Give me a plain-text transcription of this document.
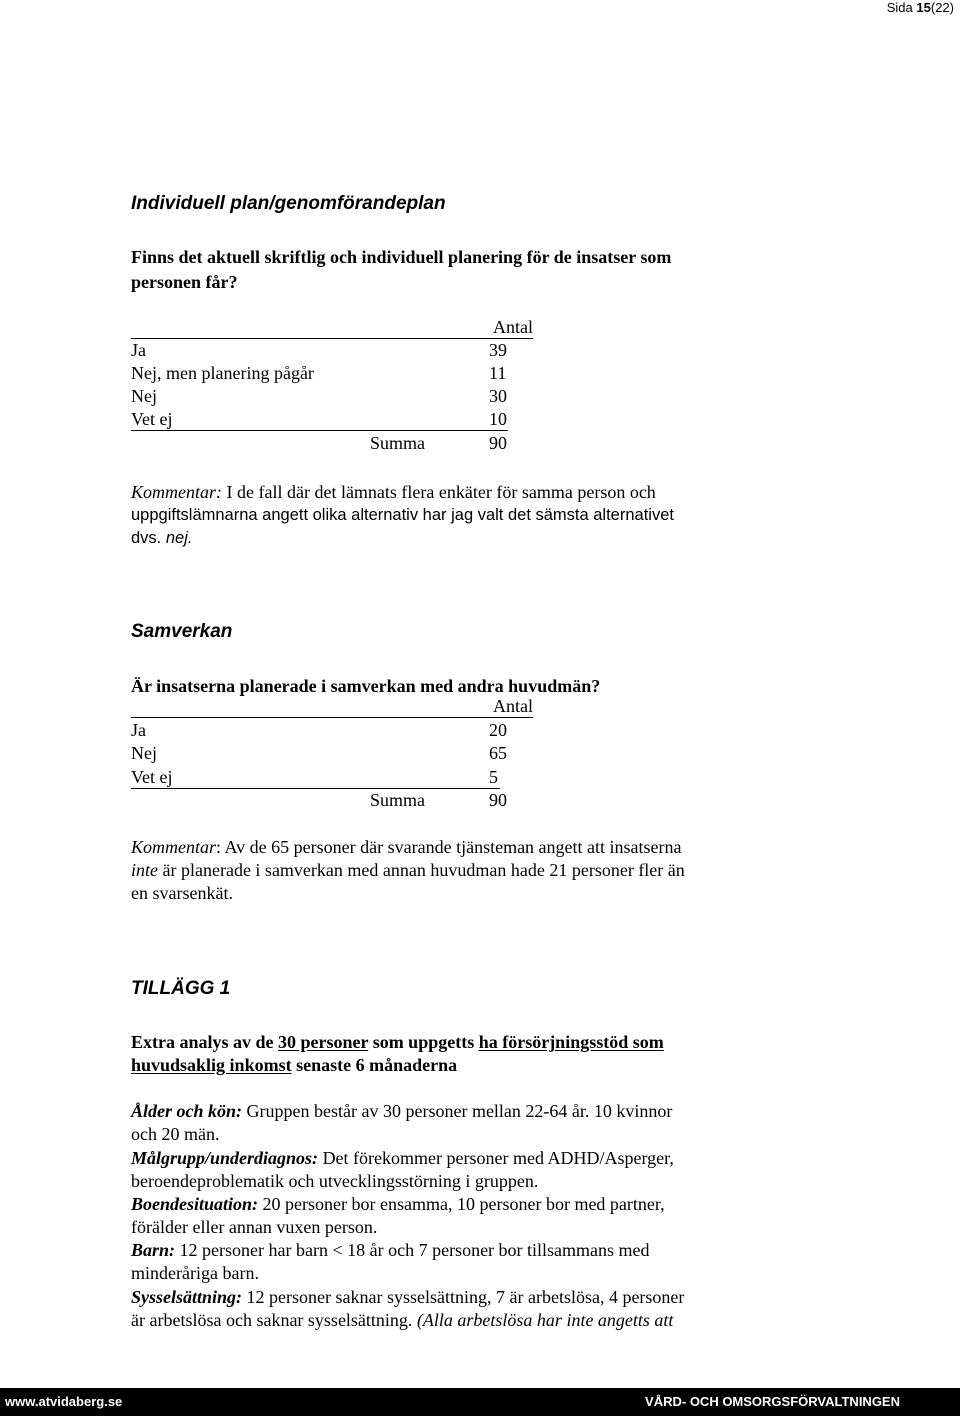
Sida 15(22)
Individuell plan/genomförandeplan
Finns det aktuell skriftlig och individuell planering för de insatser som
personen får?
Antal
Ja	39
Nej, men planering pågår	11
Nej	30
Vet ej	10
Summa	90
Kommentar: I de fall där det lämnats flera enkäter för samma person och
uppgiftslämnarna angett olika alternativ har jag valt det sämsta alternativet
dvs. nej.
Samverkan
Är insatserna planerade i samverkan med andra huvudmän?
Antal
Ja	20
Nej	65
Vet ej	5
Summa	90
Kommentar: Av de 65 personer där svarande tjänsteman angett att insatserna
inte är planerade i samverkan med annan huvudman hade 21 personer fler än
en svarsenkät.
TILLÄGG 1
Extra analys av de 30 personer som uppgetts ha försörjningsstöd som
huvudsaklig inkomst senaste 6 månaderna
Ålder och kön: Gruppen består av 30 personer mellan 22-64 år. 10 kvinnor
och 20 män.
Målgrupp/underdiagnos: Det förekommer personer med ADHD/Asperger,
beroendeproblematik och utvecklingsstörning i gruppen.
Boendesituation: 20 personer bor ensamma, 10 personer bor med partner,
förälder eller annan vuxen person.
Barn: 12 personer har barn < 18 år och 7 personer bor tillsammans med
minderåriga barn.
Sysselsättning: 12 personer saknar sysselsättning, 7 är arbetslösa, 4 personer
är arbetslösa och saknar sysselsättning. (Alla arbetslösa har inte angetts att
www.atvidaberg.se	VÅRD- OCH OMSORGSFÖRVALTNINGEN
